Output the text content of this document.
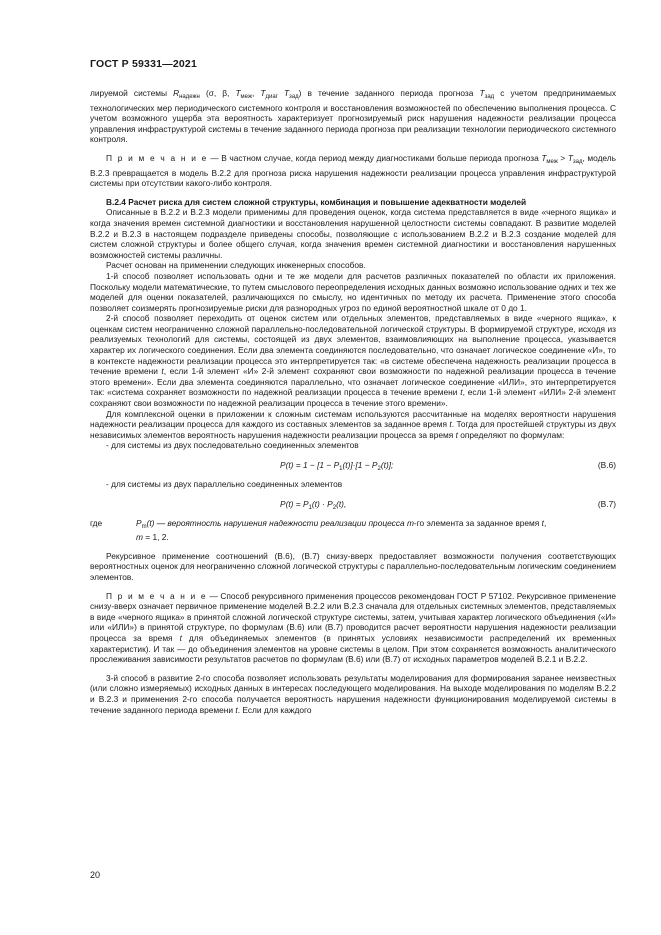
ГОСТ Р 59331—2021

лируемой системы $R_{надежн}$ (σ, β, $T_{меж}$, $T_{диаг}$ $T_{зад}$) в течение заданного периода прогноза $T_{зад}$ с учетом предпринимаемых технологических мер периодического системного контроля и восстановления возможностей по обеспечению выполнения процесса. С учетом возможного ущерба эта вероятность характеризует прогнозируемый риск нарушения надежности реализации процесса управления инфраструктурой системы в течение заданного периода прогноза при реализации технологии периодического системного контроля.

П р и м е ч а н и е — В частном случае, когда период между диагностиками больше периода прогноза $T_{меж} > T_{зад}$, модель B.2.3 превращается в модель B.2.2 для прогноза риска нарушения надежности реализации процесса управления инфраструктурой системы при отсутствии какого-либо контроля.

B.2.4 Расчет риска для систем сложной структуры, комбинация и повышение адекватности моделей

Описанные в B.2.2 и B.2.3 модели применимы для проведения оценок, когда система представляется в виде «черного ящика» и когда значения времен системной диагностики и восстановления нарушенной целостности системы совпадают. В развитие моделей B.2.2 и B.2.3 в настоящем подразделе приведены способы, позволяющие с использованием B.2.2 и B.2.3 создание моделей для систем сложной структуры и более общего случая, когда значения времен системной диагностики и восстановления нарушенных возможностей системы различны.

Расчет основан на применении следующих инженерных способов.

1-й способ позволяет использовать одни и те же модели для расчетов различных показателей по области их приложения. Поскольку модели математические, то путем смыслового переопределения исходных данных возможно использование одних и тех же моделей для оценки показателей, различающихся по смыслу, но идентичных по методу их расчета. Применение этого способа позволяет соизмерять прогнозируемые риски для разнородных угроз по единой вероятностной шкале от 0 до 1.

2-й способ позволяет переходить от оценок систем или отдельных элементов, представляемых в виде «черного ящика», к оценкам систем неограниченно сложной параллельно-последовательной логической структуры. В формируемой структуре, исходя из реализуемых технологий для системы, состоящей из двух элементов, взаимовлияющих на выполнение процесса, указывается характер их логического соединения. Если два элемента соединяются последовательно, что означает логическое соединение «И», то в контексте надежности реализации процесса это интерпретируется так: «в системе обеспечена надежность реализации процесса в течение времени t, если 1-й элемент «И» 2-й элемент сохраняют свои возможности по надежной реализации процесса в течение этого времени». Если два элемента соединяются параллельно, что означает логическое соединение «ИЛИ», это интерпретируется так: «система сохраняет возможности по надежной реализации процесса в течение времени t, если 1-й элемент «ИЛИ» 2-й элемент сохраняют свои возможности по надежной реализации процесса в течение этого времени».

Для комплексной оценки в приложении к сложным системам используются рассчитанные на моделях вероятности нарушения надежности реализации процесса для каждого из составных элементов за заданное время t. Тогда для простейшей структуры из двух независимых элементов вероятность нарушения надежности реализации процесса за время t определяют по формулам:

- для системы из двух последовательно соединенных элементов

$P(t) = 1 - [1 - P_1(t)]\cdot[1 - P_2(t)]$;	(B.6)

- для системы из двух параллельно соединенных элементов

$P(t) = P_1(t) \cdot P_2(t)$,	(B.7)
где	$P_m(t)$ — вероятность нарушения надежности реализации процесса m-го элемента за заданное время t,
m = 1, 2.

Рекурсивное применение соотношений (B.6), (B.7) снизу-вверх предоставляет возможности получения соответствующих вероятностных оценок для неограниченно сложной логической структуры с параллельно-последовательным логическим соединением элементов.

П р и м е ч а н и е — Способ рекурсивного применения процессов рекомендован ГОСТ Р 57102. Рекурсивное применение снизу-вверх означает первичное применение моделей B.2.2 или B.2.3 сначала для отдельных системных элементов, представляемых в виде «черного ящика» в принятой сложной логической структуре системы, затем, учитывая характер логического объединения («И» или «ИЛИ») в принятой структуре, по формулам (B.6) или (B.7) проводится расчет вероятности нарушения надежности реализации процесса за время t для объединяемых элементов (в принятых условиях независимости распределений их временных характеристик). И так — до объединения элементов на уровне системы в целом. При этом сохраняется возможность аналитического прослеживания зависимости результатов расчетов по формулам (B.6) или (B.7) от исходных параметров моделей B.2.1 и B.2.2.

3-й способ в развитие 2-го способа позволяет использовать результаты моделирования для формирования заранее неизвестных (или сложно измеряемых) исходных данных в интересах последующего моделирования. На выходе моделирования по моделям B.2.2 и B.2.3 и применения 2-го способа получается вероятность нарушения надежности функционирования моделируемой системы в течение заданного периода времени t. Если для каждого

20
